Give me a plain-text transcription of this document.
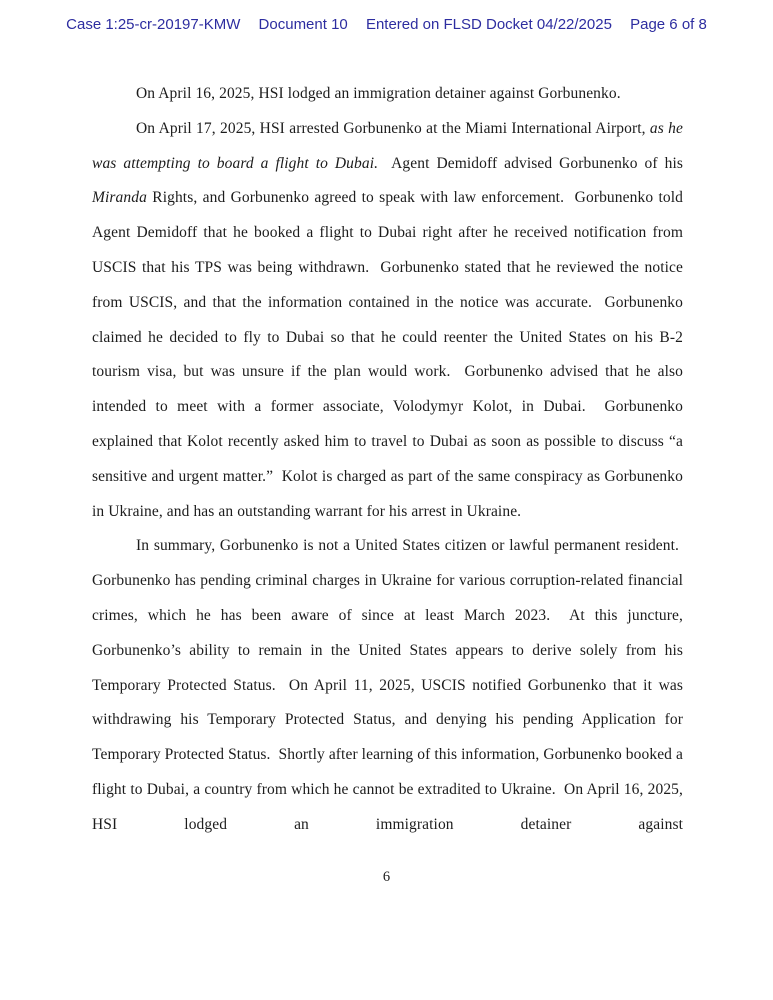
Case 1:25-cr-20197-KMW Document 10 Entered on FLSD Docket 04/22/2025 Page 6 of 8

On April 16, 2025, HSI lodged an immigration detainer against Gorbunenko.

On April 17, 2025, HSI arrested Gorbunenko at the Miami International Airport, as he was attempting to board a flight to Dubai.  Agent Demidoff advised Gorbunenko of his Miranda Rights, and Gorbunenko agreed to speak with law enforcement.  Gorbunenko told Agent Demidoff that he booked a flight to Dubai right after he received notification from USCIS that his TPS was being withdrawn.  Gorbunenko stated that he reviewed the notice from USCIS, and that the information contained in the notice was accurate.  Gorbunenko claimed he decided to fly to Dubai so that he could reenter the United States on his B-2 tourism visa, but was unsure if the plan would work.  Gorbunenko advised that he also intended to meet with a former associate, Volodymyr Kolot, in Dubai.  Gorbunenko explained that Kolot recently asked him to travel to Dubai as soon as possible to discuss “a sensitive and urgent matter.”  Kolot is charged as part of the same conspiracy as Gorbunenko in Ukraine, and has an outstanding warrant for his arrest in Ukraine.

In summary, Gorbunenko is not a United States citizen or lawful permanent resident.  Gorbunenko has pending criminal charges in Ukraine for various corruption-related financial crimes, which he has been aware of since at least March 2023.  At this juncture, Gorbunenko’s ability to remain in the United States appears to derive solely from his Temporary Protected Status.  On April 11, 2025, USCIS notified Gorbunenko that it was withdrawing his Temporary Protected Status, and denying his pending Application for Temporary Protected Status.  Shortly after learning of this information, Gorbunenko booked a flight to Dubai, a country from which he cannot be extradited to Ukraine.  On April 16, 2025, HSI lodged an immigration detainer against

6
